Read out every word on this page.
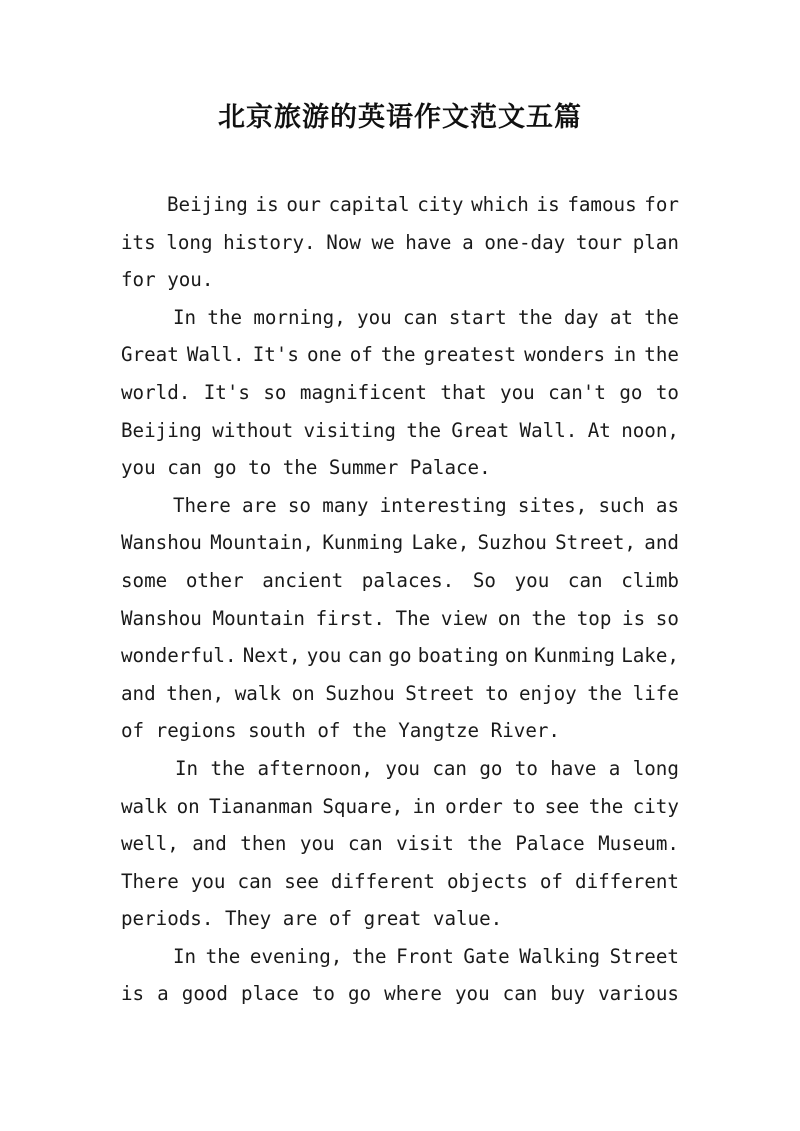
北京旅游的英语作文范文五篇
Beijing is our capital city which is famous for
its long history. Now we have a one-day tour plan
for you.
In the morning, you can start the day at the
Great Wall. It's one of the greatest wonders in the
world. It's so magnificent that you can't go to
Beijing without visiting the Great Wall. At noon,
you can go to the Summer Palace.
There are so many interesting sites, such as
Wanshou Mountain, Kunming Lake, Suzhou Street, and
some other ancient palaces. So you can climb
Wanshou Mountain first. The view on the top is so
wonderful. Next, you can go boating on Kunming Lake,
and then, walk on Suzhou Street to enjoy the life
of regions south of the Yangtze River.
In the afternoon, you can go to have a long
walk on Tiananman Square, in order to see the city
well, and then you can visit the Palace Museum.
There you can see different objects of different
periods. They are of great value.
In the evening, the Front Gate Walking Street
is a good place to go where you can buy various
